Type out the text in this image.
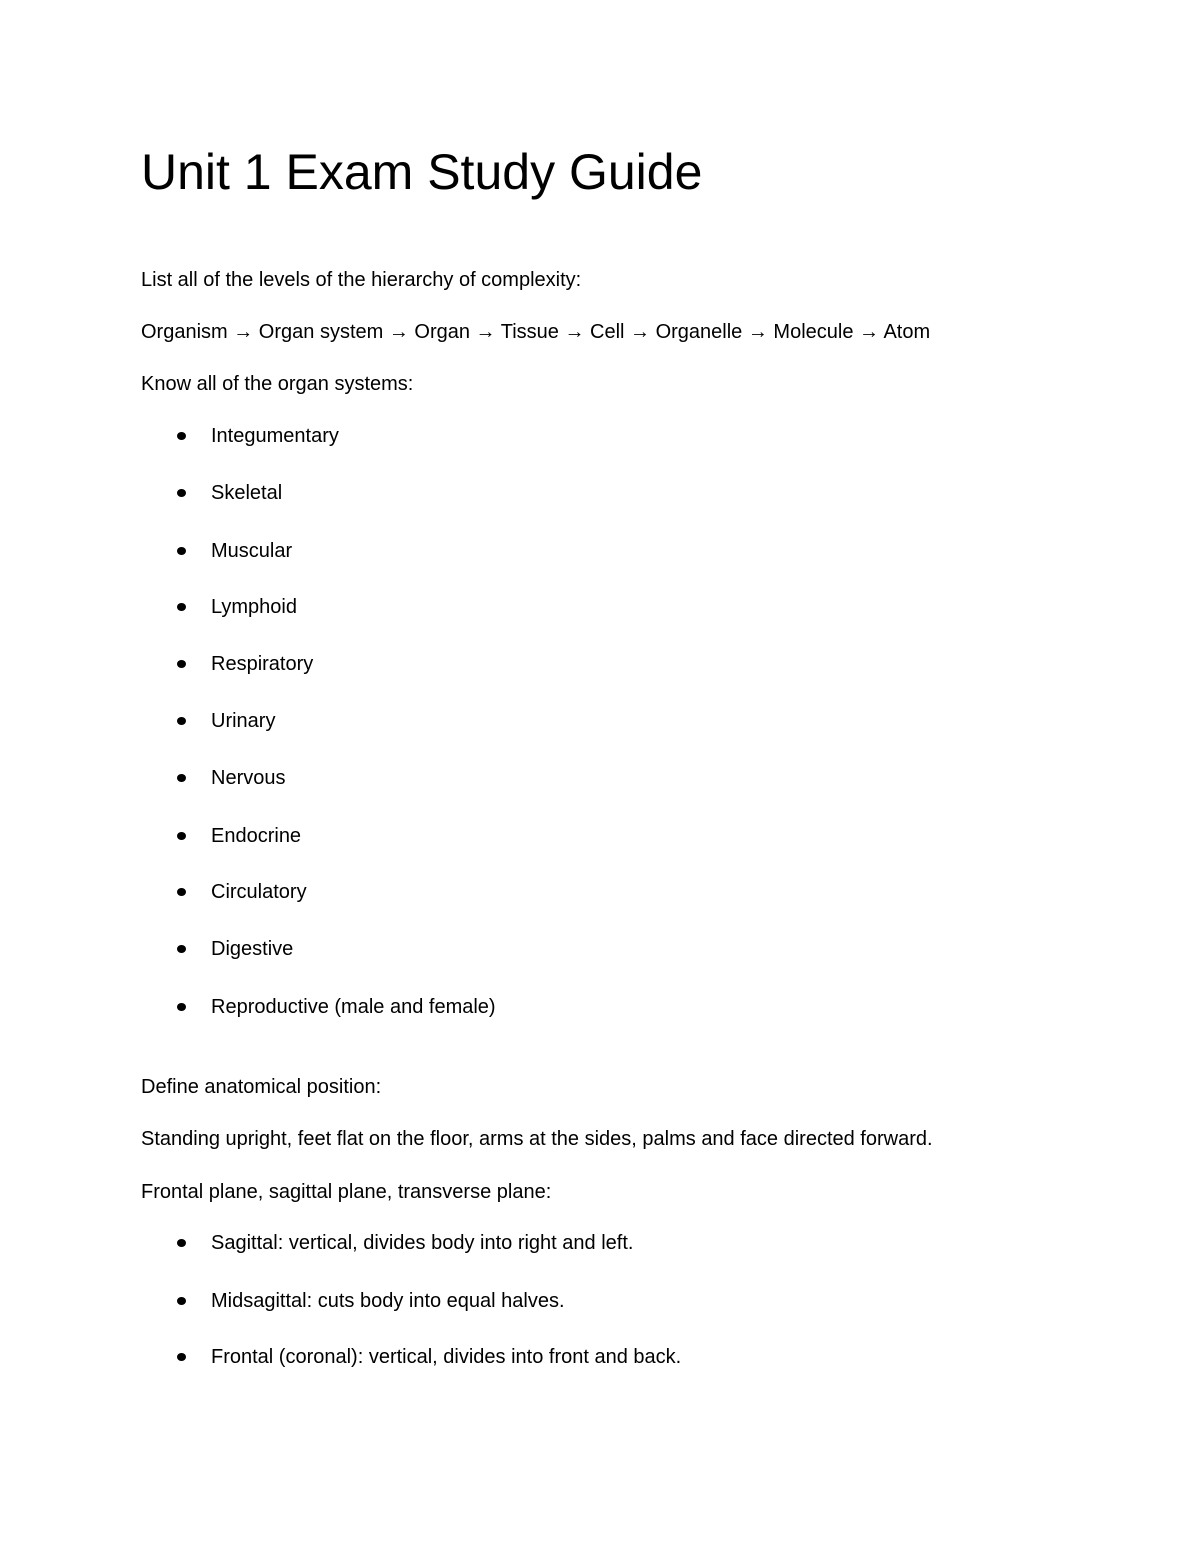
Unit 1 Exam Study Guide

List all of the levels of the hierarchy of complexity:

Organism → Organ system → Organ → Tissue → Cell → Organelle → Molecule → Atom

Know all of the organ systems:

Integumentary
Skeletal
Muscular
Lymphoid
Respiratory
Urinary
Nervous
Endocrine
Circulatory
Digestive
Reproductive (male and female)

Define anatomical position:

Standing upright, feet flat on the floor, arms at the sides, palms and face directed forward.

Frontal plane, sagittal plane, transverse plane:

Sagittal: vertical, divides body into right and left.
Midsagittal: cuts body into equal halves.
Frontal (coronal): vertical, divides into front and back.
